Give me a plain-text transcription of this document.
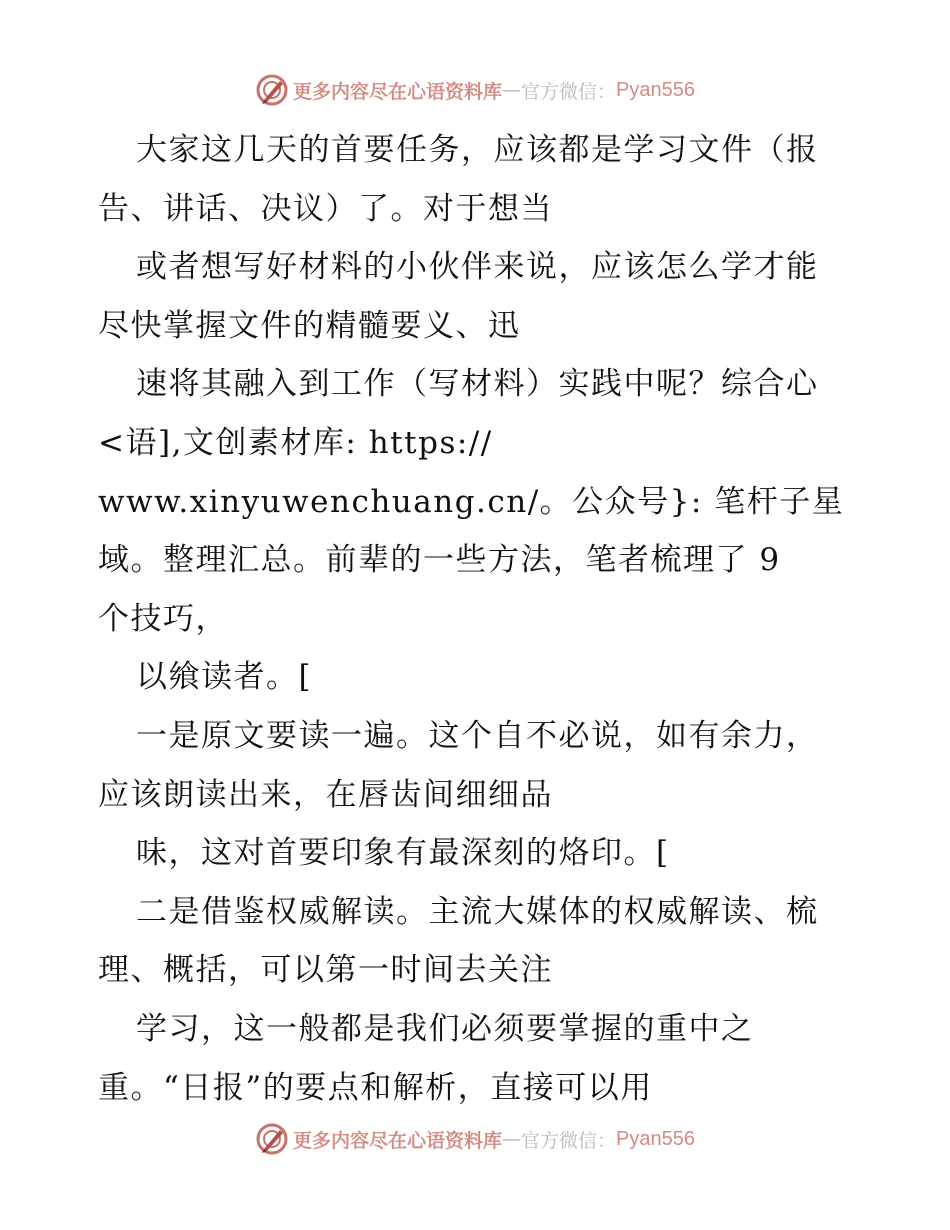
更多内容尽在心语资料库 — 官方微信： Pyan556
大家这几天的首要任务，应该都是学习文件（报
告、讲话、决议）了。对于想当
或者想写好材料的小伙伴来说，应该怎么学才能
尽快掌握文件的精髓要义、迅
速将其融入到工作（写材料）实践中呢？综合心
<语],文创素材库: https://
www.xinyuwenchuang.cn/。公众号}: 笔杆子星
域。整理汇总。前辈的一些方法，笔者梳理了 9
个技巧，
以飨读者。[
一是原文要读一遍。这个自不必说，如有余力，
应该朗读出来，在唇齿间细细品
味，这对首要印象有最深刻的烙印。[
二是借鉴权威解读。主流大媒体的权威解读、梳
理、概括，可以第一时间去关注
学习，这一般都是我们必须要掌握的重中之
重。“日报”的要点和解析，直接可以用
更多内容尽在心语资料库 — 官方微信： Pyan556
